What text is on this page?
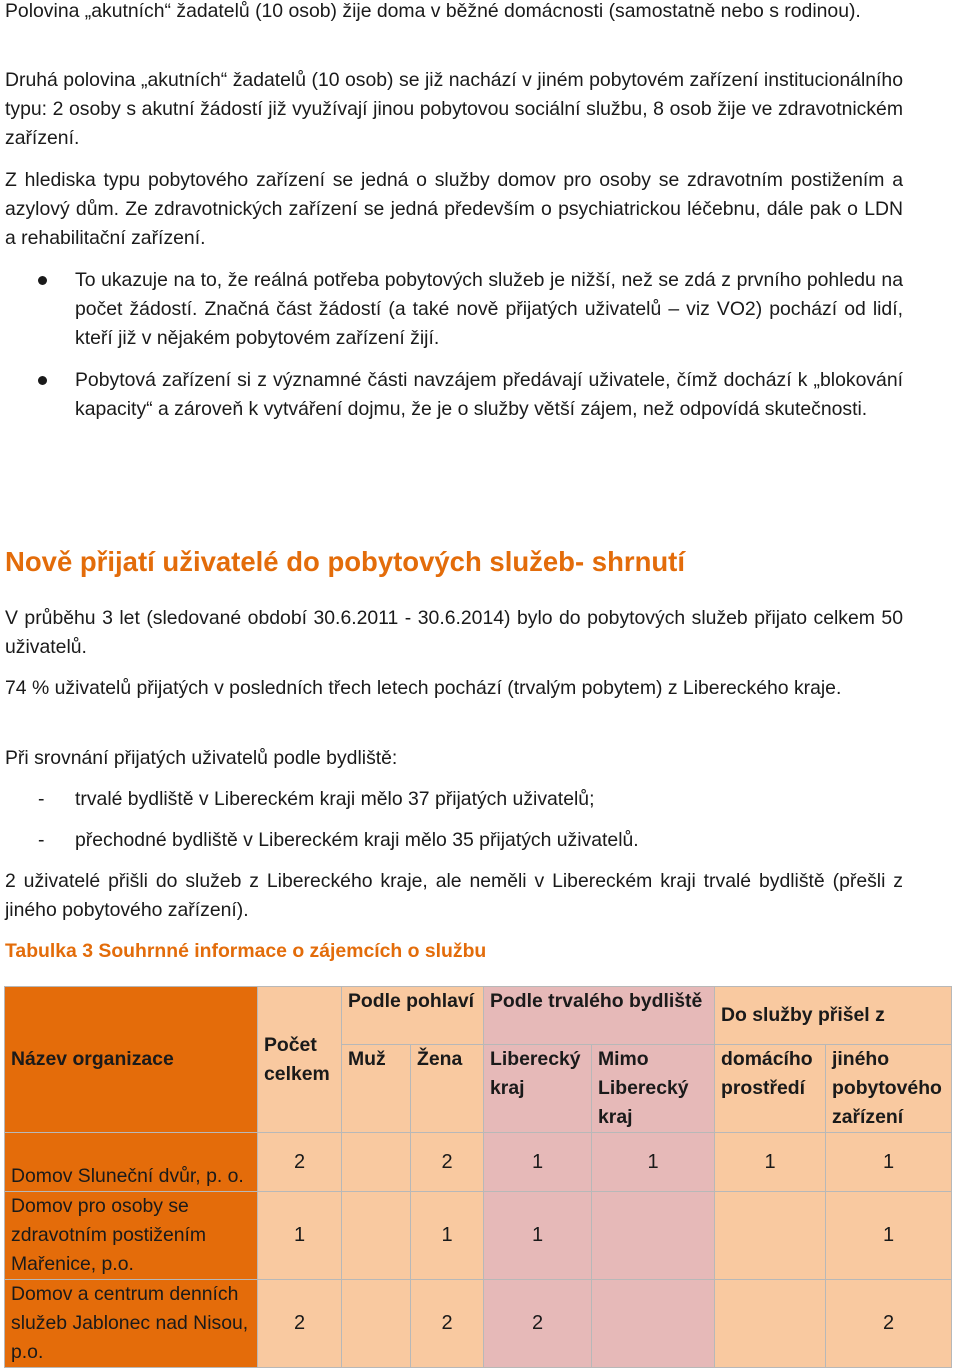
Polovina „akutních“ žadatelů (10 osob) žije doma v běžné domácnosti (samostatně nebo s rodinou).

Druhá polovina „akutních“ žadatelů (10 osob) se již nachází v jiném pobytovém zařízení institucionálního typu: 2 osoby s akutní žádostí již využívají jinou pobytovou sociální službu, 8 osob žije ve zdravotnickém zařízení.

Z hlediska typu pobytového zařízení se jedná o služby domov pro osoby se zdravotním postižením a azylový dům. Ze zdravotnických zařízení se jedná především o psychiatrickou léčebnu, dále pak o LDN a rehabilitační zařízení.

To ukazuje na to, že reálná potřeba pobytových služeb je nižší, než se zdá z prvního pohledu na počet žádostí. Značná část žádostí (a také nově přijatých uživatelů – viz VO2) pochází od lidí, kteří již v nějakém pobytovém zařízení žijí.

Pobytová zařízení si z významné části navzájem předávají uživatele, čímž dochází k „blokování kapacity“ a zároveň k vytváření dojmu, že je o služby větší zájem, než odpovídá skutečnosti.

Nově přijatí uživatelé do pobytových služeb- shrnutí

V průběhu 3 let (sledované období 30.6.2011 - 30.6.2014) bylo do pobytových služeb přijato celkem 50 uživatelů.

74 % uživatelů přijatých v posledních třech letech pochází (trvalým pobytem) z Libereckého kraje.

Při srovnání přijatých uživatelů podle bydliště:

- trvalé bydliště v Libereckém kraji mělo 37 přijatých uživatelů;

- přechodné bydliště v Libereckém kraji mělo 35 přijatých uživatelů.

2 uživatelé přišli do služeb z Libereckého kraje, ale neměli v Libereckém kraji trvalé bydliště (přešli z jiného pobytového zařízení).

Tabulka 3 Souhrnné informace o zájemcích o službu

Název organizace	Počet celkem	Podle pohlaví		Podle trvalého bydliště		Do služby přišel z	
		Muž	Žena	Liberecký kraj	Mimo Liberecký kraj	domácího prostředí	jiného pobytového zařízení
Domov Sluneční dvůr, p. o.	2		2	1	1	1	1
Domov pro osoby se zdravotním postižením Mařenice, p.o.	1		1	1			1
Domov a centrum denních služeb Jablonec nad Nisou, p.o.	2		2	2			2
